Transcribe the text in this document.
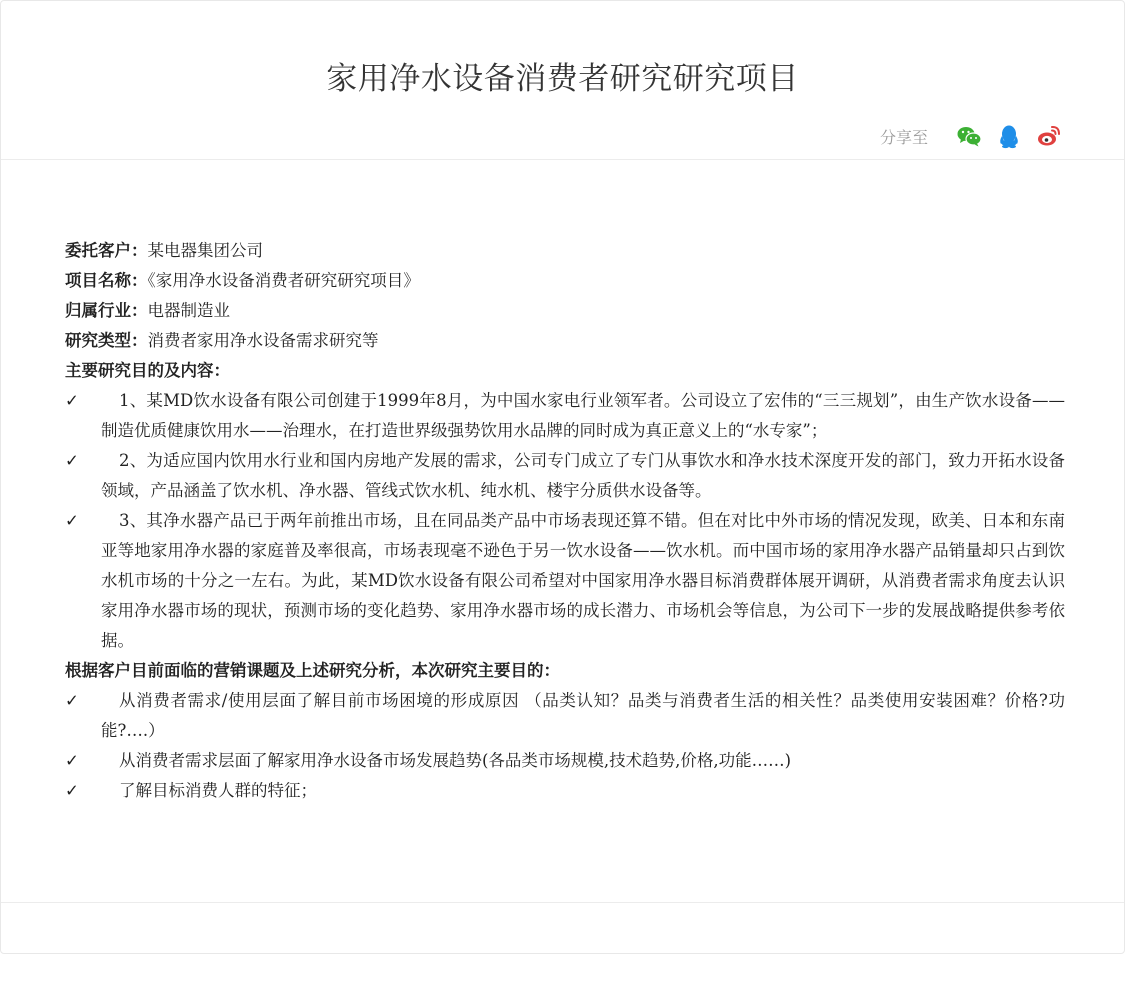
家用净水设备消费者研究研究项目
分享至
委托客户：某电器集团公司
项目名称：《家用净水设备消费者研究研究项目》
归属行业：电器制造业
研究类型：消费者家用净水设备需求研究等
主要研究目的及内容：
✓	1、某MD饮水设备有限公司创建于1999年8月，为中国水家电行业领军者。公司设立了宏伟的“三三规划”，由生产饮水设备——制造优质健康饮用水——治理水，在打造世界级强势饮用水品牌的同时成为真正意义上的“水专家”；
✓	2、为适应国内饮用水行业和国内房地产发展的需求，公司专门成立了专门从事饮水和净水技术深度开发的部门，致力开拓水设备领域，产品涵盖了饮水机、净水器、管线式饮水机、纯水机、楼宇分质供水设备等。
✓	3、其净水器产品已于两年前推出市场，且在同品类产品中市场表现还算不错。但在对比中外市场的情况发现，欧美、日本和东南亚等地家用净水器的家庭普及率很高，市场表现毫不逊色于另一饮水设备——饮水机。而中国市场的家用净水器产品销量却只占到饮水机市场的十分之一左右。为此，某MD饮水设备有限公司希望对中国家用净水器目标消费群体展开调研，从消费者需求角度去认识家用净水器市场的现状，预测市场的变化趋势、家用净水器市场的成长潜力、市场机会等信息，为公司下一步的发展战略提供参考依据。
根据客户目前面临的营销课题及上述研究分析，本次研究主要目的：
✓	从消费者需求/使用层面了解目前市场困境的形成原因 （品类认知？品类与消费者生活的相关性？品类使用安装困难？价格?功能?….）
✓	从消费者需求层面了解家用净水设备市场发展趋势(各品类市场规模,技术趋势,价格,功能……)
✓	了解目标消费人群的特征；
